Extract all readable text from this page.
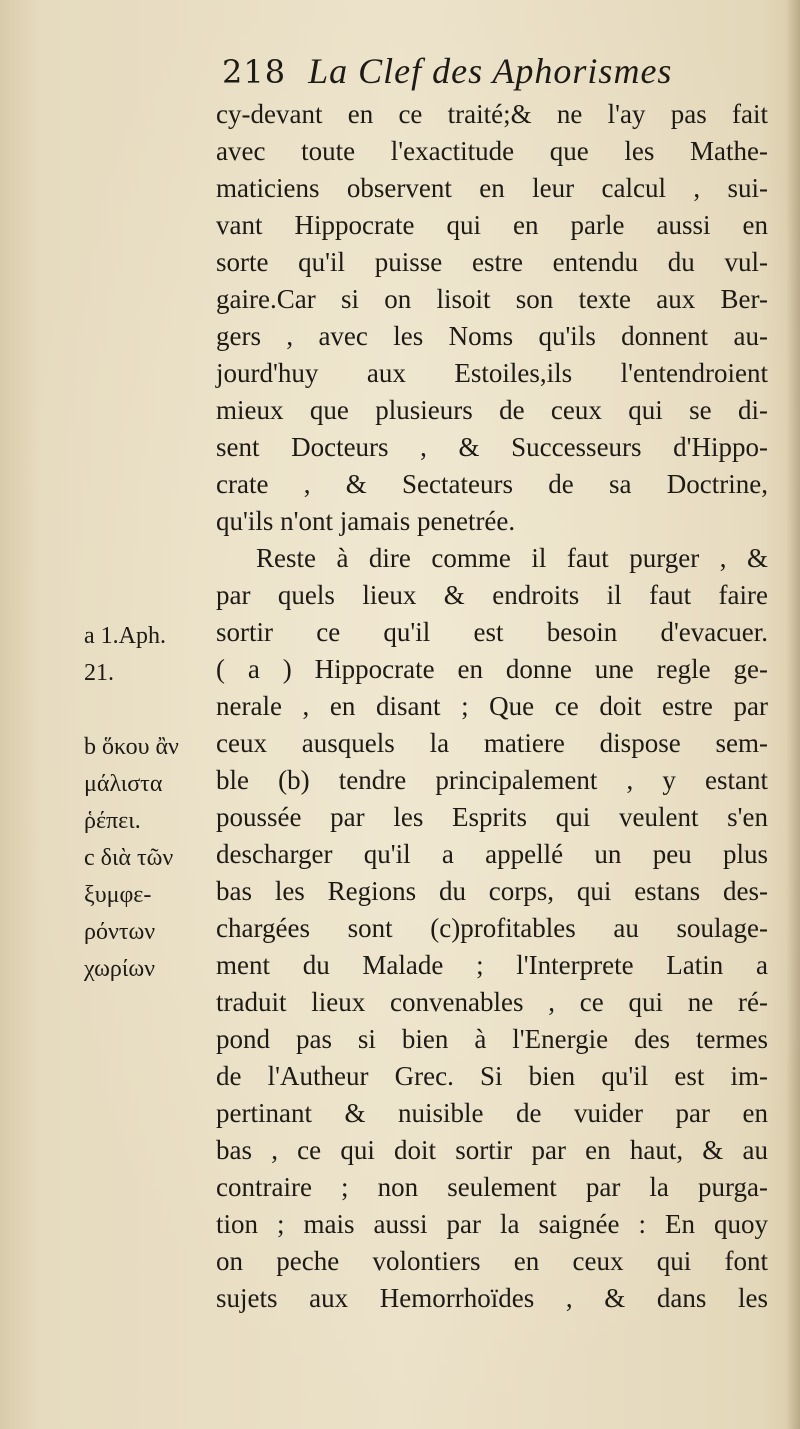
218 La Clef des Aphorismes
a 1.Aph.
21.
b ὅκου ἂν
μάλιστα
ῥέπει.
c διὰ τῶν
ξυμφε-
ρόντων
χωρίων
cy-devant en ce traité;& ne l'ay pas fait
avec toute l'exactitude que les Mathe-
maticiens observent en leur calcul , sui-
vant Hippocrate qui en parle aussi en
sorte qu'il puisse estre entendu du vul-
gaire.Car si on lisoit son texte aux Ber-
gers , avec les Noms qu'ils donnent au-
jourd'huy aux Estoiles,ils l'entendroient
mieux que plusieurs de ceux qui se di-
sent Docteurs , & Successeurs d'Hippo-
crate , & Sectateurs de sa Doctrine,
qu'ils n'ont jamais penetrée.
Reste à dire comme il faut purger , &
par quels lieux & endroits il faut faire
sortir ce qu'il est besoin d'evacuer.
( a ) Hippocrate en donne une regle ge-
nerale , en disant ; Que ce doit estre par
ceux ausquels la matiere dispose sem-
ble (b) tendre principalement , y estant
poussée par les Esprits qui veulent s'en
descharger qu'il a appellé un peu plus
bas les Regions du corps, qui estans des-
chargées sont (c)profitables au soulage-
ment du Malade ; l'Interprete Latin a
traduit lieux convenables , ce qui ne ré-
pond pas si bien à l'Energie des termes
de l'Autheur Grec. Si bien qu'il est im-
pertinant & nuisible de vuider par en
bas , ce qui doit sortir par en haut, & au
contraire ; non seulement par la purga-
tion ; mais aussi par la saignée : En quoy
on peche volontiers en ceux qui font
sujets aux Hemorrhoïdes , & dans les
